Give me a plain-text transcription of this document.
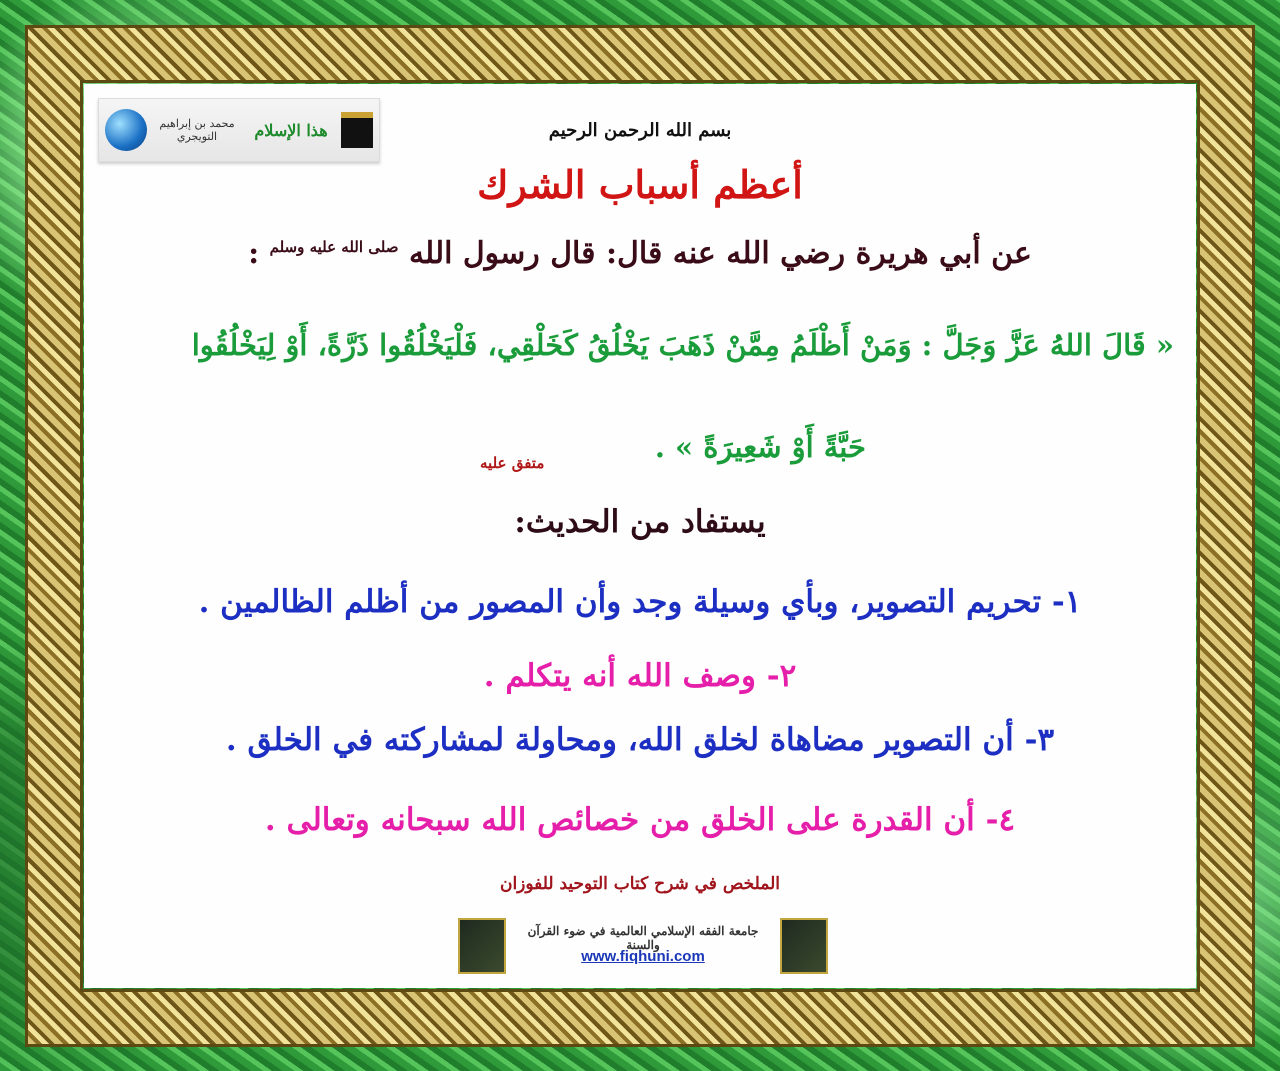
محمد بن إبراهيم التويجري	هذا الإسلام	بسم الله الرحمن الرحيم
أعظم أسباب الشرك
عن أبي هريرة رضي الله عنه قال: قال رسول الله $^{صلى الله عليه وسلم}$ :
« قَالَ اللهُ عَزَّ وَجَلَّ : وَمَنْ أَظْلَمُ مِمَّنْ ذَهَبَ يَخْلُقُ كَخَلْقِي، فَلْيَخْلُقُوا ذَرَّةً، أَوْ لِيَخْلُقُوا
حَبَّةً أَوْ شَعِيرَةً » .
متفق عليه
يستفاد من الحديث:
١- تحريم التصوير، وبأي وسيلة وجد وأن المصور من أظلم الظالمين .
٢- وصف الله أنه يتكلم .
٣- أن التصوير مضاهاة لخلق الله، ومحاولة لمشاركته في الخلق .
٤- أن القدرة على الخلق من خصائص الله سبحانه وتعالى .
الملخص في شرح كتاب التوحيد للفوزان
جامعة الفقه الإسلامي العالمية في ضوء القرآن والسنة
www.fiqhuni.com
